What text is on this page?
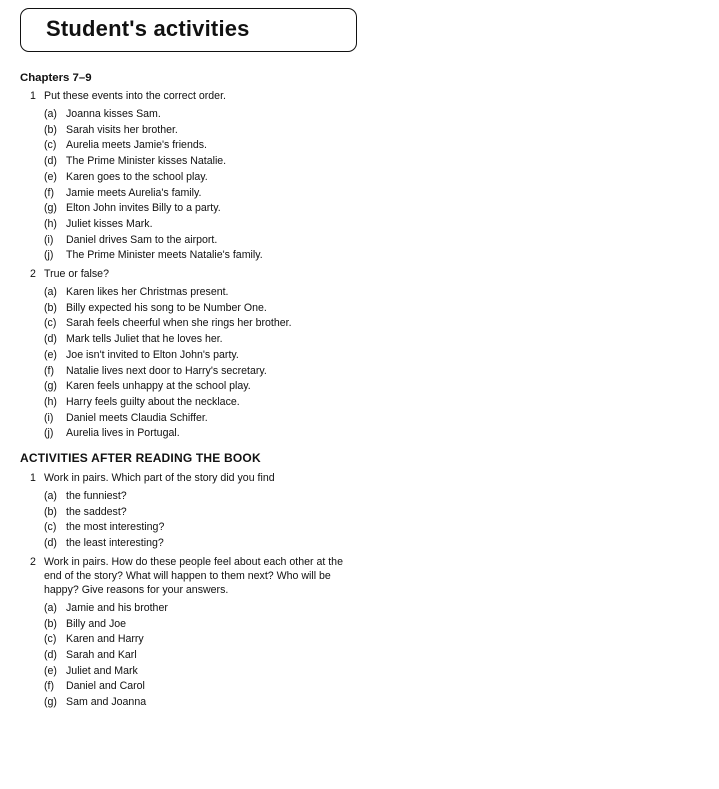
Student's activities

Chapters 7–9

1 Put these events into the correct order.
(a) Joanna kisses Sam.
(b) Sarah visits her brother.
(c) Aurelia meets Jamie's friends.
(d) The Prime Minister kisses Natalie.
(e) Karen goes to the school play.
(f)	Jamie meets Aurelia's family.
(g) Elton John invites Billy to a party.
(h) Juliet kisses Mark.
(i)	Daniel drives Sam to the airport.
(j)	The Prime Minister meets Natalie's family.
2 True or false?
(a) Karen likes her Christmas present.
(b) Billy expected his song to be Number One.
(c) Sarah feels cheerful when she rings her brother.
(d) Mark tells Juliet that he loves her.
(e) Joe isn't invited to Elton John's party.
(f)	Natalie lives next door to Harry's secretary.
(g) Karen feels unhappy at the school play.
(h) Harry feels guilty about the necklace.
(i)	Daniel meets Claudia Schiffer.
(j)	Aurelia lives in Portugal.

ACTIVITIES AFTER READING THE BOOK

1 Work in pairs. Which part of the story did you find
(a) the funniest?
(b) the saddest?
(c) the most interesting?
(d) the least interesting?
2 Work in pairs. How do these people feel about each other at the end of the story? What will happen to them next? Who will be happy? Give reasons for your answers.
(a) Jamie and his brother
(b) Billy and Joe
(c) Karen and Harry
(d) Sarah and Karl
(e) Juliet and Mark
(f)	Daniel and Carol
(g) Sam and Joanna
